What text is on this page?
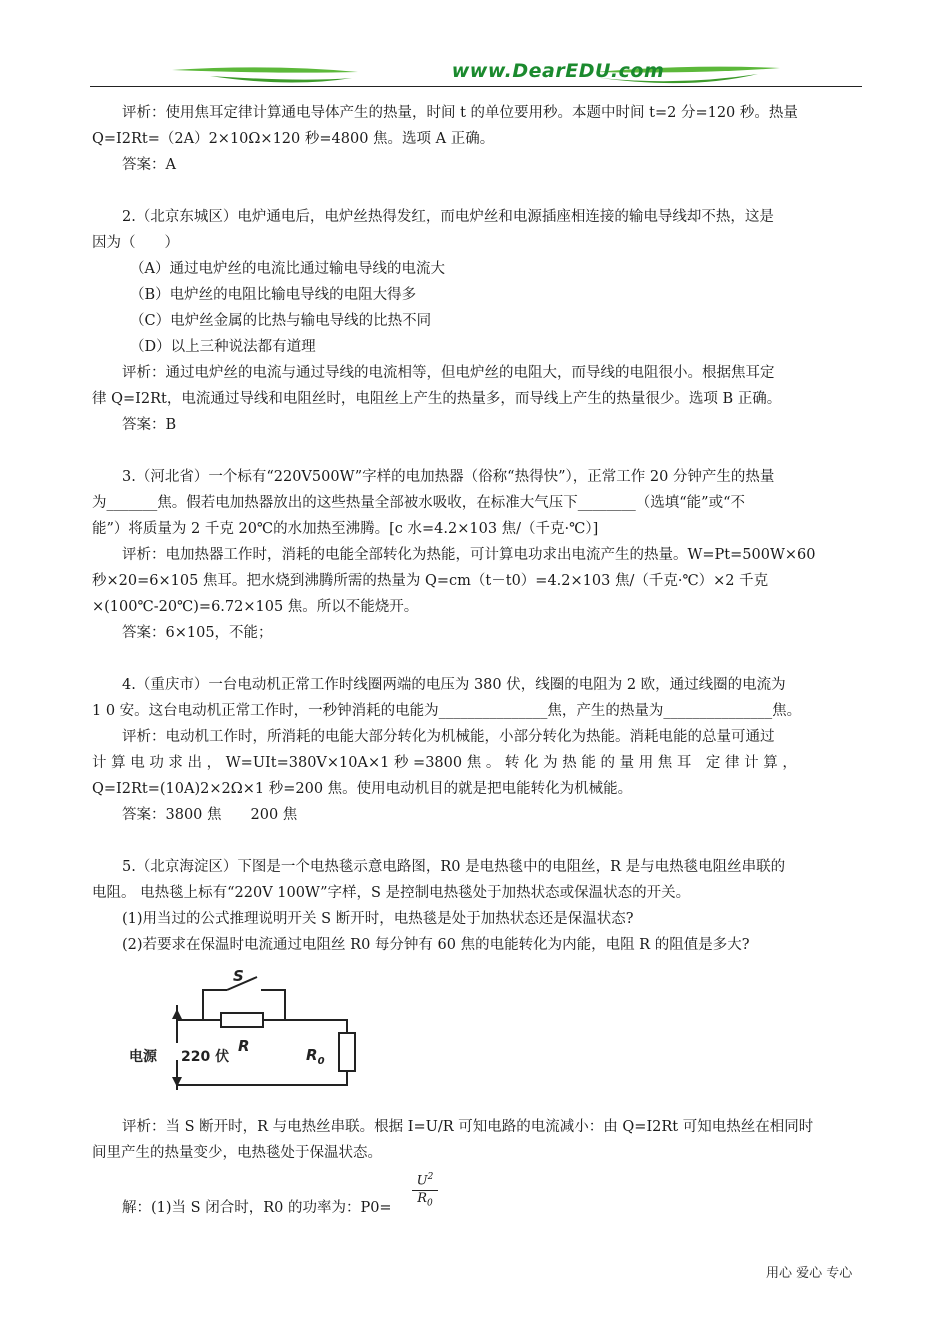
www.DearEDU.com
评析：使用焦耳定律计算通电导体产生的热量，时间 t 的单位要用秒。本题中时间 t=2 分=120 秒。热量
Q=I2Rt=（2A）2×10Ω×120 秒=4800 焦。选项 A 正确。
答案：A
2.（北京东城区）电炉通电后，电炉丝热得发红，而电炉丝和电源插座相连接的输电导线却不热，这是
因为（　　）
（A）通过电炉丝的电流比通过输电导线的电流大
（B）电炉丝的电阻比输电导线的电阻大得多
（C）电炉丝金属的比热与输电导线的比热不同
（D）以上三种说法都有道理
评析：通过电炉丝的电流与通过导线的电流相等，但电炉丝的电阻大，而导线的电阻很小。根据焦耳定
律 Q=I2Rt，电流通过导线和电阻丝时，电阻丝上产生的热量多，而导线上产生的热量很少。选项 B 正确。
答案：B
3.（河北省）一个标有“220V500W”字样的电加热器（俗称“热得快”），正常工作 20 分钟产生的热量
为_______焦。假若电加热器放出的这些热量全部被水吸收，在标准大气压下________（选填“能”或“不
能”）将质量为 2 千克 20℃的水加热至沸腾。[c 水=4.2×103 焦/（千克·℃）]
评析：电加热器工作时，消耗的电能全部转化为热能，可计算电功求出电流产生的热量。W=Pt=500W×60
秒×20=6×105 焦耳。把水烧到沸腾所需的热量为 Q=cm（t－t0）=4.2×103 焦/（千克·℃）×2 千克
×(100℃-20℃)=6.72×105 焦。所以不能烧开。
答案：6×105，不能；
4.（重庆市）一台电动机正常工作时线圈两端的电压为 380 伏，线圈的电阻为 2 欧，通过线圈的电流为
1 0 安。这台电动机正常工作时，一秒钟消耗的电能为_______________焦，产生的热量为_______________焦。
评析：电动机工作时，所消耗的电能大部分转化为机械能，小部分转化为热能。消耗电能的总量可通过
计 算 电 功 求 出 ， W=UIt=380V×10A×1 秒 =3800 焦 。 转 化 为 热 能 的 量 用 焦 耳　定 律 计 算 ，
Q=I2Rt=(10A)2×2Ω×1 秒=200 焦。使用电动机目的就是把电能转化为机械能。
答案：3800 焦　　200 焦
5.（北京海淀区）下图是一个电热毯示意电路图，R0 是电热毯中的电阻丝，R 是与电热毯电阻丝串联的
电阻。 电热毯上标有“220V 100W”字样，S 是控制电热毯处于加热状态或保温状态的开关。
(1)用当过的公式推理说明开关 S 断开时，电热毯是处于加热状态还是保温状态?
(2)若要求在保温时电流通过电阻丝 R0 每分钟有 60 焦的电能转化为内能，电阻 R 的阻值是多大?
评析：当 S 断开时，R 与电热丝串联。根据 I=U/R 可知电路的电流减小：由 Q=I2Rt 可知电热丝在相同时
间里产生的热量变少，电热毯处于保温状态。
解：(1)当 S 闭合时，R0 的功率为：P0=
S
R
电源 220 伏	$R_0$
$\frac{U^2}{R_0}$
用心 爱心 专心
